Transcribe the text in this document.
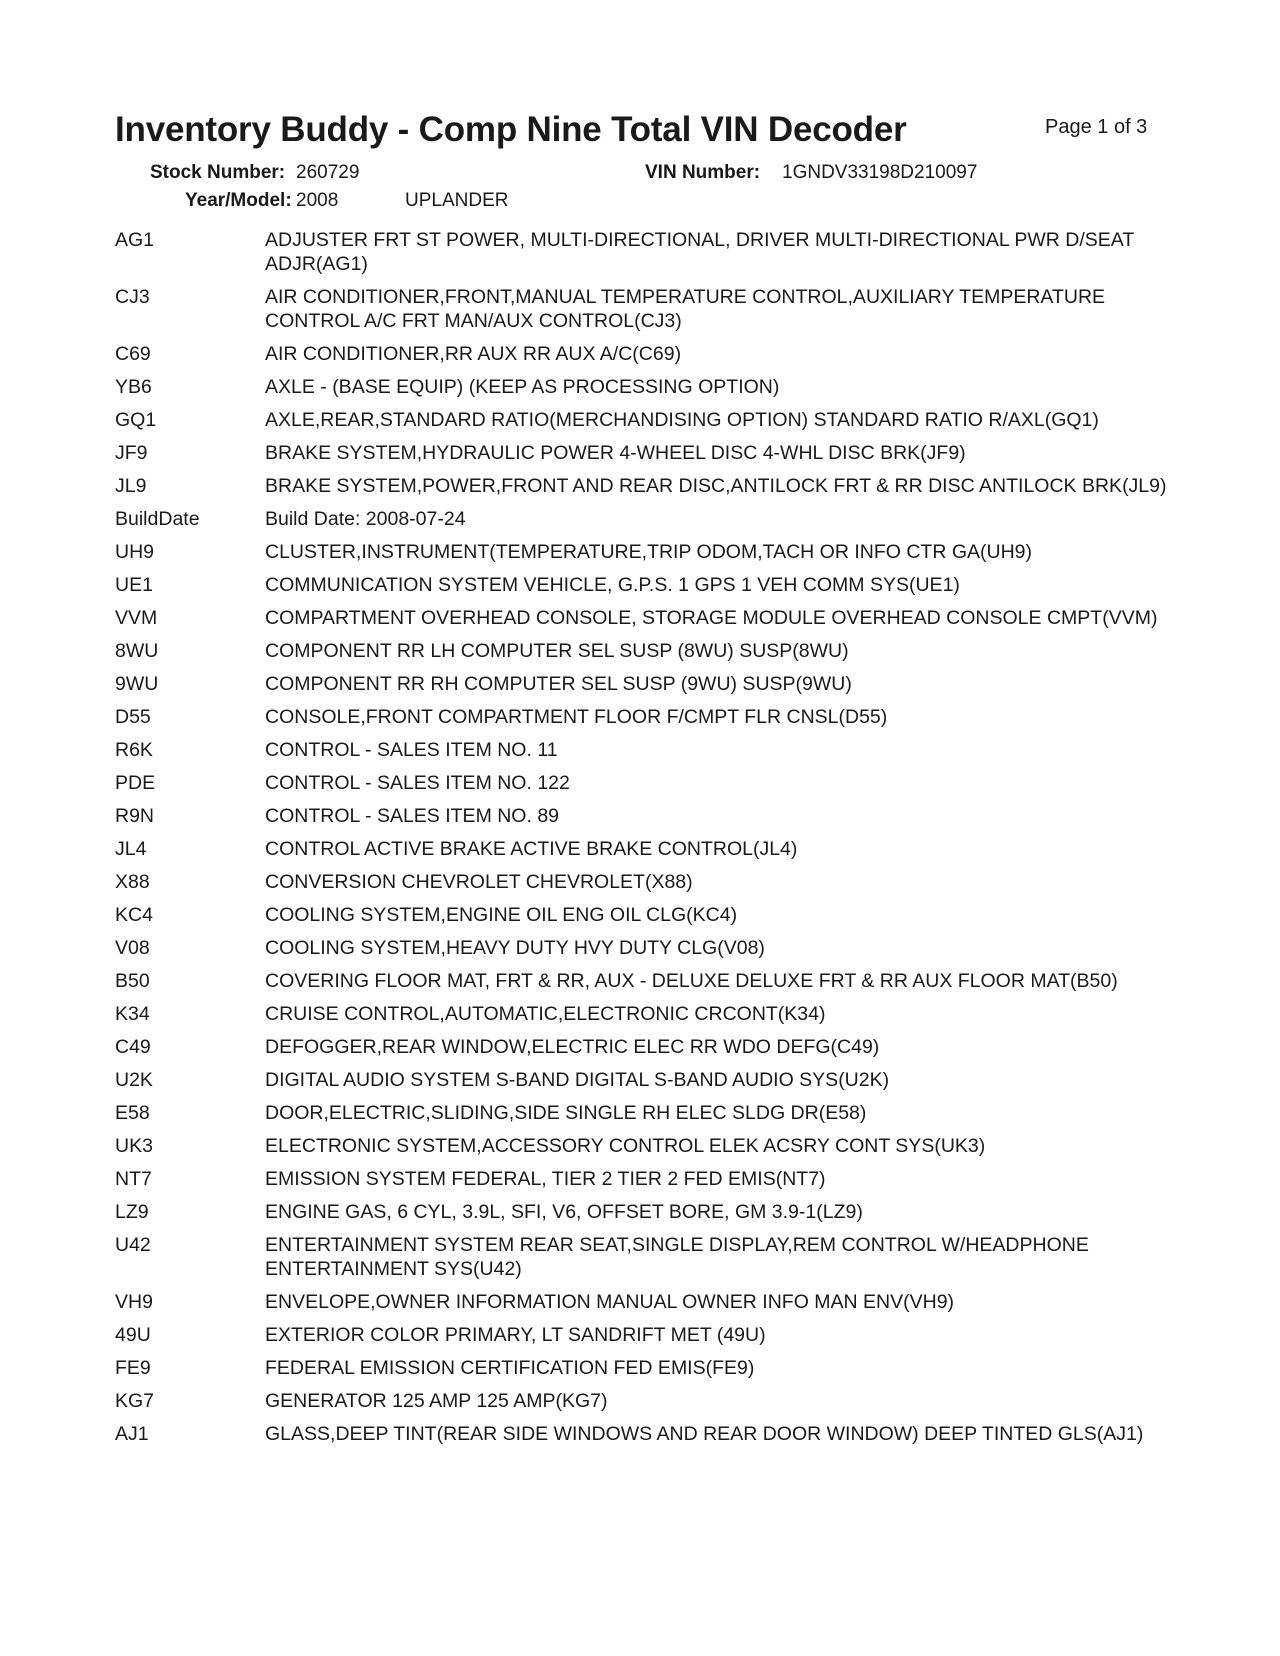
Inventory Buddy - Comp Nine Total VIN Decoder	Page 1 of 3
Stock Number: 260729	VIN Number: 1GNDV33198D210097
Year/Model: 2008	UPLANDER
AG1	ADJUSTER FRT ST POWER, MULTI-DIRECTIONAL, DRIVER MULTI-DIRECTIONAL PWR D/SEAT ADJR(AG1)
CJ3	AIR CONDITIONER,FRONT,MANUAL TEMPERATURE CONTROL,AUXILIARY TEMPERATURE CONTROL A/C FRT MAN/AUX CONTROL(CJ3)
C69	AIR CONDITIONER,RR AUX RR AUX A/C(C69)
YB6	AXLE - (BASE EQUIP) (KEEP AS PROCESSING OPTION)
GQ1	AXLE,REAR,STANDARD RATIO(MERCHANDISING OPTION) STANDARD RATIO R/AXL(GQ1)
JF9	BRAKE SYSTEM,HYDRAULIC POWER 4-WHEEL DISC 4-WHL DISC BRK(JF9)
JL9	BRAKE SYSTEM,POWER,FRONT AND REAR DISC,ANTILOCK FRT & RR DISC ANTILOCK BRK(JL9)
BuildDate	Build Date: 2008-07-24
UH9	CLUSTER,INSTRUMENT(TEMPERATURE,TRIP ODOM,TACH OR INFO CTR GA(UH9)
UE1	COMMUNICATION SYSTEM VEHICLE, G.P.S. 1 GPS 1 VEH COMM SYS(UE1)
VVM	COMPARTMENT OVERHEAD CONSOLE, STORAGE MODULE OVERHEAD CONSOLE CMPT(VVM)
8WU	COMPONENT RR LH COMPUTER SEL SUSP (8WU) SUSP(8WU)
9WU	COMPONENT RR RH COMPUTER SEL SUSP (9WU) SUSP(9WU)
D55	CONSOLE,FRONT COMPARTMENT FLOOR F/CMPT FLR CNSL(D55)
R6K	CONTROL - SALES ITEM NO. 11
PDE	CONTROL - SALES ITEM NO. 122
R9N	CONTROL - SALES ITEM NO. 89
JL4	CONTROL ACTIVE BRAKE ACTIVE BRAKE CONTROL(JL4)
X88	CONVERSION CHEVROLET CHEVROLET(X88)
KC4	COOLING SYSTEM,ENGINE OIL ENG OIL CLG(KC4)
V08	COOLING SYSTEM,HEAVY DUTY HVY DUTY CLG(V08)
B50	COVERING FLOOR MAT, FRT & RR, AUX - DELUXE DELUXE FRT & RR AUX FLOOR MAT(B50)
K34	CRUISE CONTROL,AUTOMATIC,ELECTRONIC CRCONT(K34)
C49	DEFOGGER,REAR WINDOW,ELECTRIC ELEC RR WDO DEFG(C49)
U2K	DIGITAL AUDIO SYSTEM S-BAND DIGITAL S-BAND AUDIO SYS(U2K)
E58	DOOR,ELECTRIC,SLIDING,SIDE SINGLE RH ELEC SLDG DR(E58)
UK3	ELECTRONIC SYSTEM,ACCESSORY CONTROL ELEK ACSRY CONT SYS(UK3)
NT7	EMISSION SYSTEM FEDERAL, TIER 2 TIER 2 FED EMIS(NT7)
LZ9	ENGINE GAS, 6 CYL, 3.9L, SFI, V6, OFFSET BORE, GM 3.9-1(LZ9)
U42	ENTERTAINMENT SYSTEM REAR SEAT,SINGLE DISPLAY,REM CONTROL W/HEADPHONE ENTERTAINMENT SYS(U42)
VH9	ENVELOPE,OWNER INFORMATION MANUAL OWNER INFO MAN ENV(VH9)
49U	EXTERIOR COLOR PRIMARY, LT SANDRIFT MET (49U)
FE9	FEDERAL EMISSION CERTIFICATION FED EMIS(FE9)
KG7	GENERATOR 125 AMP 125 AMP(KG7)
AJ1	GLASS,DEEP TINT(REAR SIDE WINDOWS AND REAR DOOR WINDOW) DEEP TINTED GLS(AJ1)
